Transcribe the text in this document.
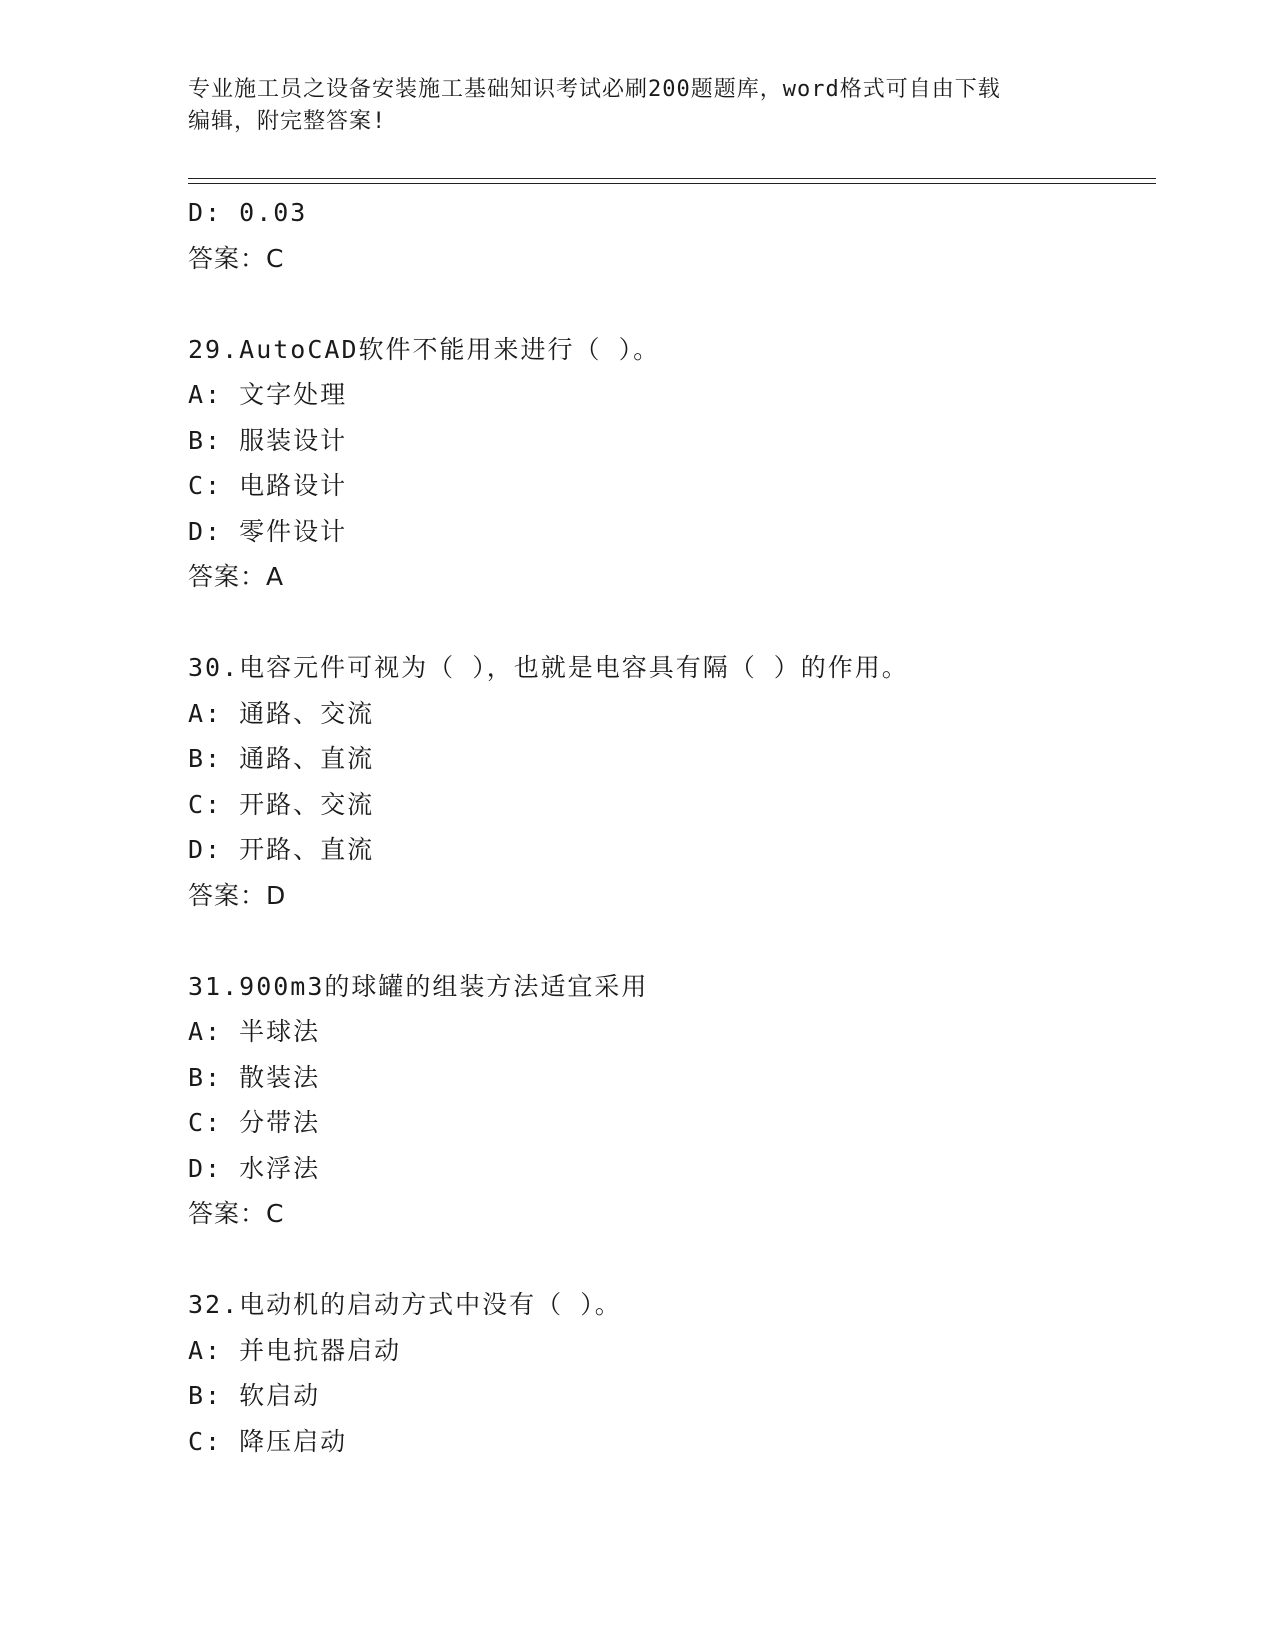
专业施工员之设备安装施工基础知识考试必刷200题题库，word格式可自由下载
编辑，附完整答案!
D: 0.03
答案：C
29.AutoCAD软件不能用来进行（ ）。
A: 文字处理
B: 服装设计
C: 电路设计
D: 零件设计
答案：A
30.电容元件可视为（ ），也就是电容具有隔（ ）的作用。
A: 通路、交流
B: 通路、直流
C: 开路、交流
D: 开路、直流
答案：D
31.900m3的球罐的组装方法适宜采用
A: 半球法
B: 散装法
C: 分带法
D: 水浮法
答案：C
32.电动机的启动方式中没有（ ）。
A: 并电抗器启动
B: 软启动
C: 降压启动
